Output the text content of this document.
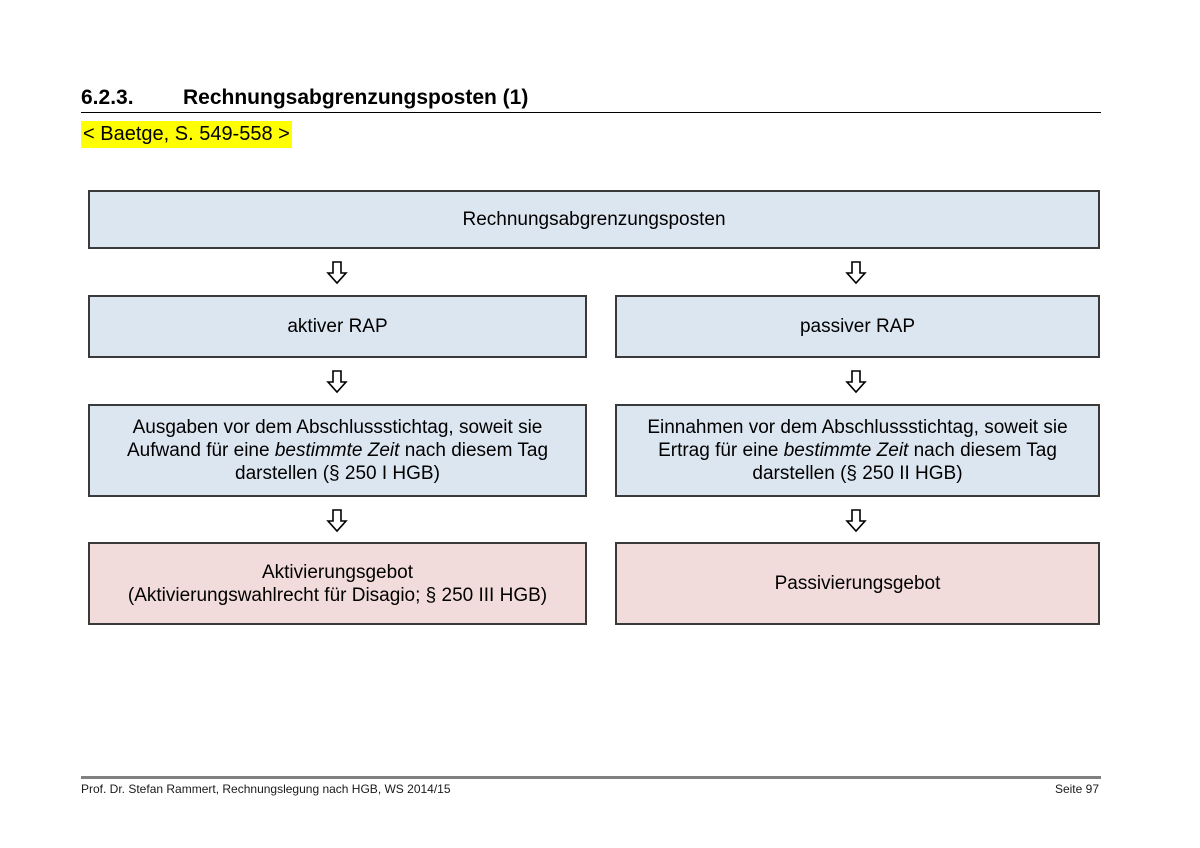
6.2.3. Rechnungsabgrenzungsposten (1)
< Baetge, S. 549-558 >
Rechnungsabgrenzungsposten
aktiver RAP	passiver RAP
Ausgaben vor dem Abschlussstichtag, soweit sie
Aufwand für eine bestimmte Zeit nach diesem Tag
darstellen (§ 250 I HGB)
Einnahmen vor dem Abschlussstichtag, soweit sie
Ertrag für eine bestimmte Zeit nach diesem Tag
darstellen (§ 250 II HGB)
Aktivierungsgebot
(Aktivierungswahlrecht für Disagio; § 250 III HGB)
Passivierungsgebot
Prof. Dr. Stefan Rammert, Rechnungslegung nach HGB, WS 2014/15	Seite 97
